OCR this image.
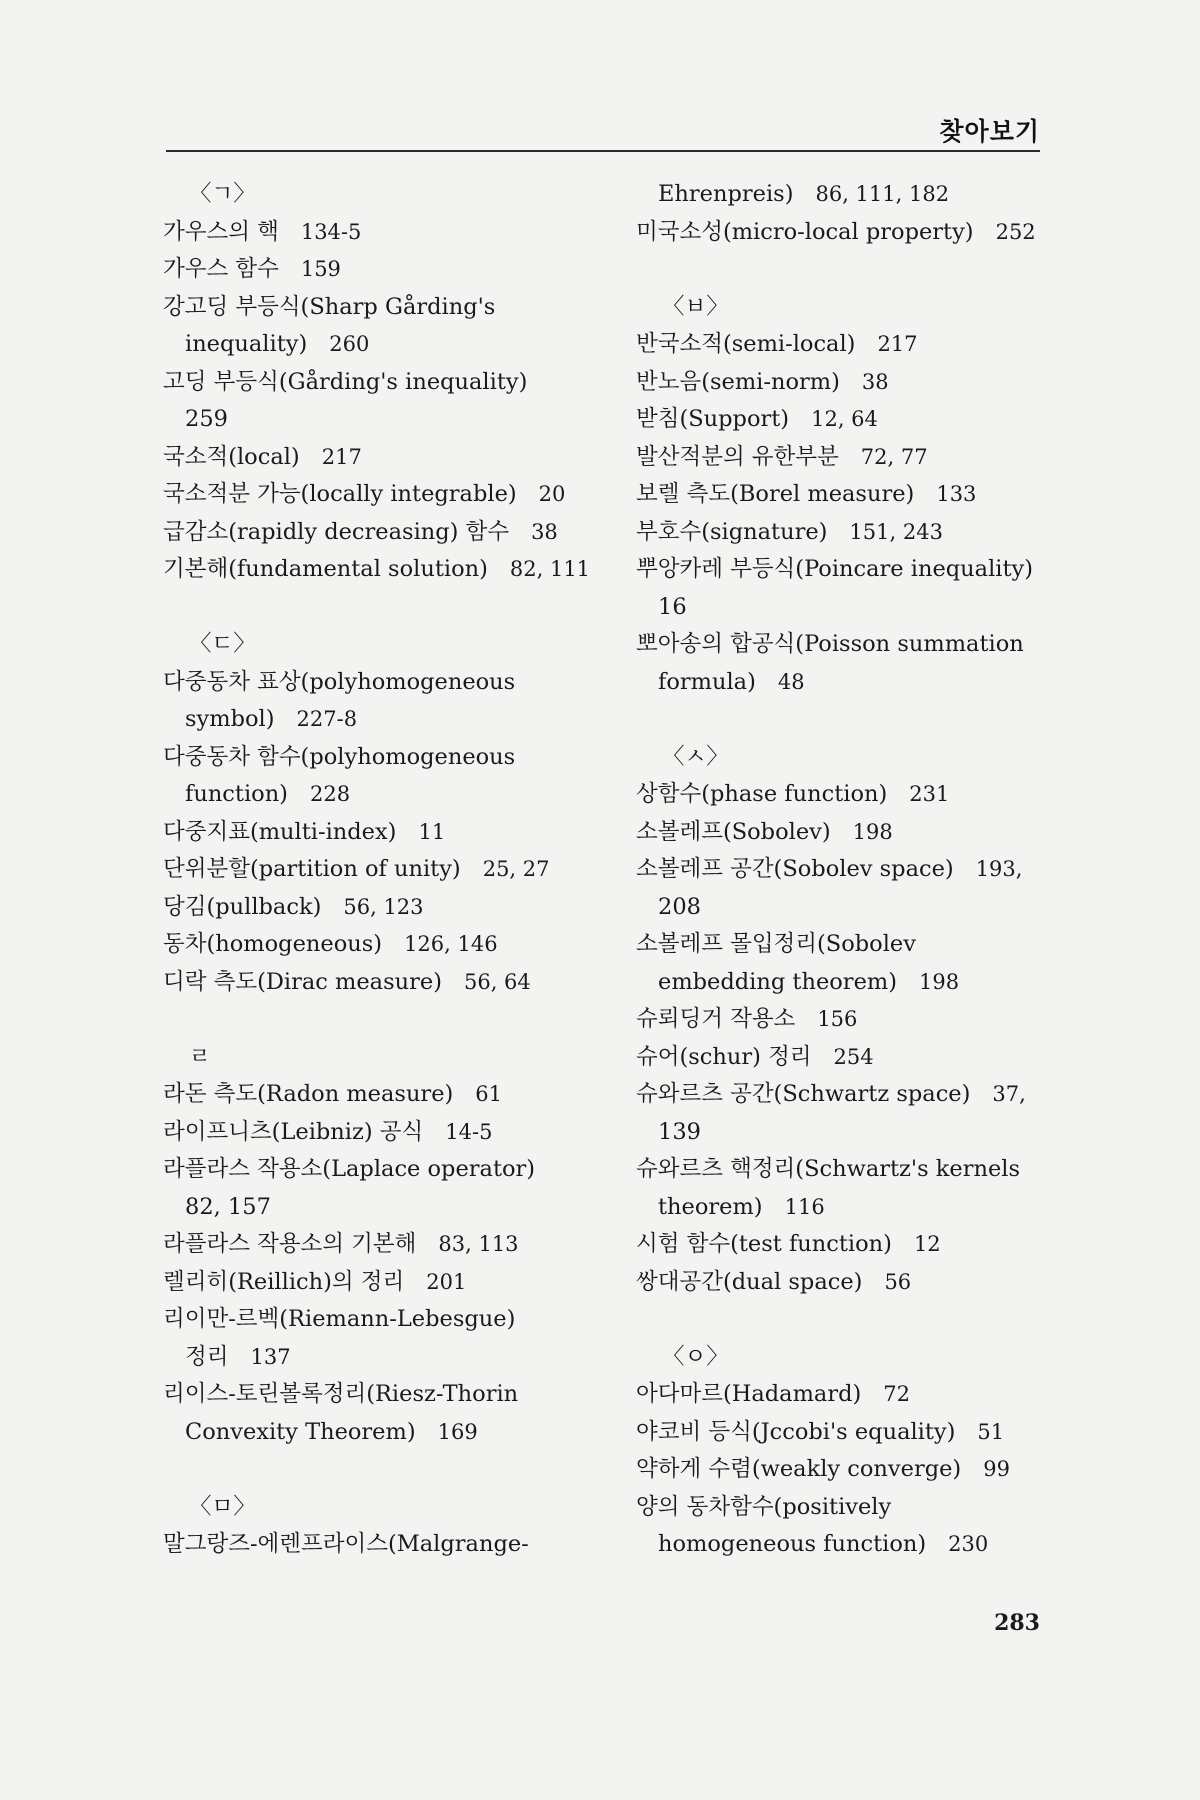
찾아보기
〈ㄱ〉
가우스의 핵 134-5
가우스 함수 159
강고딩 부등식(Sharp Gårding's
inequality) 260
고딩 부등식(Gårding's inequality)
259
국소적(local) 217
국소적분 가능(locally integrable) 20
급감소(rapidly decreasing) 함수 38
기본해(fundamental solution) 82, 111
〈ㄷ〉
다중동차 표상(polyhomogeneous
symbol) 227-8
다중동차 함수(polyhomogeneous
function) 228
다중지표(multi-index) 11
단위분할(partition of unity) 25, 27
당김(pullback) 56, 123
동차(homogeneous) 126, 146
디락 측도(Dirac measure) 56, 64
ㄹ
라돈 측도(Radon measure) 61
라이프니츠(Leibniz) 공식 14-5
라플라스 작용소(Laplace operator)
82, 157
라플라스 작용소의 기본해 83, 113
렐리히(Reillich)의 정리 201
리이만-르벡(Riemann-Lebesgue)
정리 137
리이스-토린볼록정리(Riesz-Thorin
Convexity Theorem) 169
〈ㅁ〉
말그랑즈-에렌프라이스(Malgrange-
Ehrenpreis) 86, 111, 182
미국소성(micro-local property) 252
〈ㅂ〉
반국소적(semi-local) 217
반노음(semi-norm) 38
받침(Support) 12, 64
발산적분의 유한부분 72, 77
보렐 측도(Borel measure) 133
부호수(signature) 151, 243
뿌앙카레 부등식(Poincare inequality)
16
뽀아송의 합공식(Poisson summation
formula) 48
〈ㅅ〉
상함수(phase function) 231
소볼레프(Sobolev) 198
소볼레프 공간(Sobolev space) 193,
208
소볼레프 몰입정리(Sobolev
embedding theorem) 198
슈뢰딩거 작용소 156
슈어(schur) 정리 254
슈와르츠 공간(Schwartz space) 37,
139
슈와르츠 핵정리(Schwartz's kernels
theorem) 116
시험 함수(test function) 12
쌍대공간(dual space) 56
〈ㅇ〉
아다마르(Hadamard) 72
야코비 등식(Jccobi's equality) 51
약하게 수렴(weakly converge) 99
양의 동차함수(positively
homogeneous function) 230
283
